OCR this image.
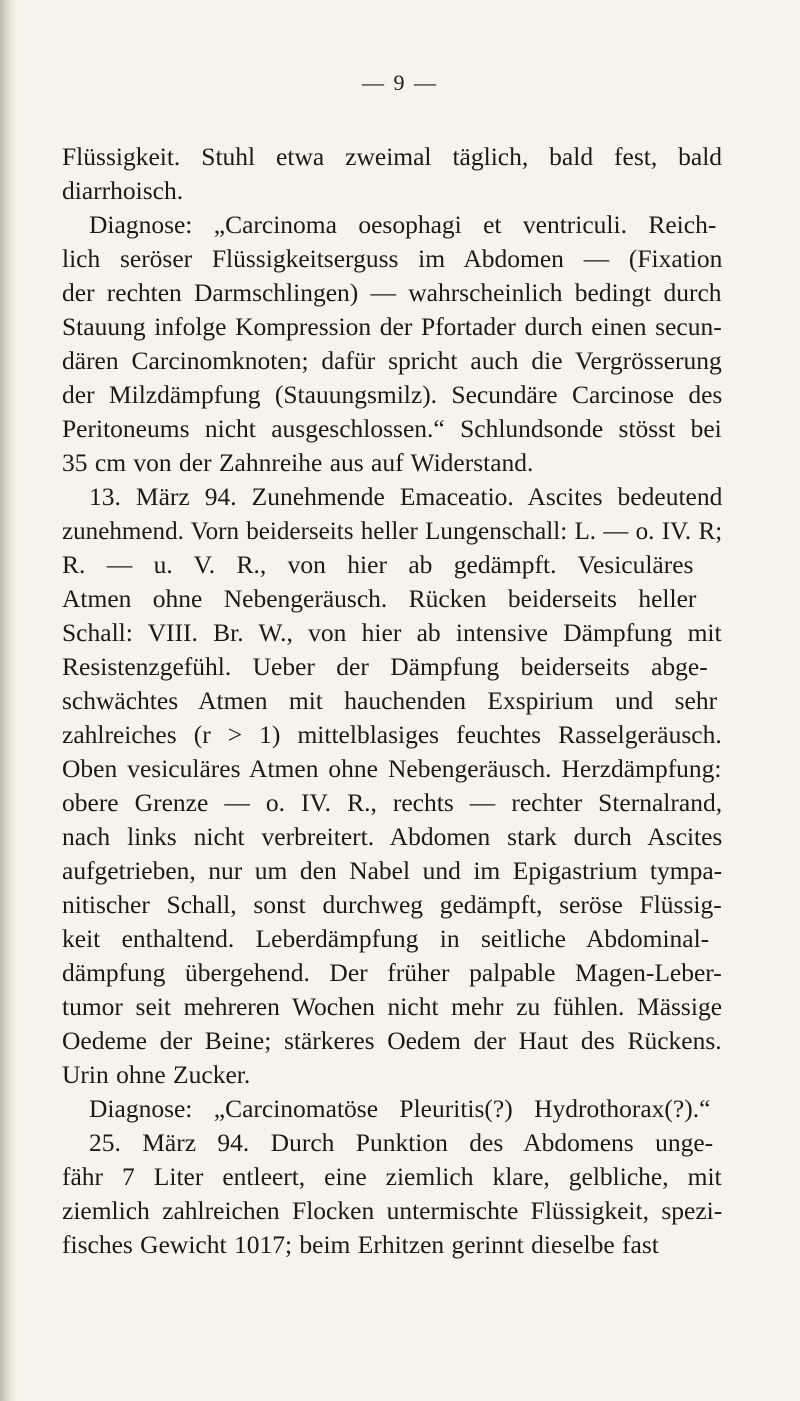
— 9 —
Flüssigkeit. Stuhl etwa zweimal täglich, bald fest, bald
diarrhoisch.
Diagnose: „Carcinoma oesophagi et ventriculi. Reich-
lich seröser Flüssigkeitserguss im Abdomen — (Fixation
der rechten Darmschlingen) — wahrscheinlich bedingt durch
Stauung infolge Kompression der Pfortader durch einen secun-
dären Carcinomknoten; dafür spricht auch die Vergrösserung
der Milzdämpfung (Stauungsmilz). Secundäre Carcinose des
Peritoneums nicht ausgeschlossen.“ Schlundsonde stösst bei
35 cm von der Zahnreihe aus auf Widerstand.
13. März 94. Zunehmende Emaceatio. Ascites bedeutend
zunehmend. Vorn beiderseits heller Lungenschall: L. — o. IV. R;
R. — u. V. R., von hier ab gedämpft. Vesiculäres
Atmen ohne Nebengeräusch. Rücken beiderseits heller
Schall: VIII. Br. W., von hier ab intensive Dämpfung mit
Resistenzgefühl. Ueber der Dämpfung beiderseits abge-
schwächtes Atmen mit hauchenden Exspirium und sehr
zahlreiches (r > 1) mittelblasiges feuchtes Rasselgeräusch.
Oben vesiculäres Atmen ohne Nebengeräusch. Herzdämpfung:
obere Grenze — o. IV. R., rechts — rechter Sternalrand,
nach links nicht verbreitert. Abdomen stark durch Ascites
aufgetrieben, nur um den Nabel und im Epigastrium tympa-
nitischer Schall, sonst durchweg gedämpft, seröse Flüssig-
keit enthaltend. Leberdämpfung in seitliche Abdominal-
dämpfung übergehend. Der früher palpable Magen-Leber-
tumor seit mehreren Wochen nicht mehr zu fühlen. Mässige
Oedeme der Beine; stärkeres Oedem der Haut des Rückens.
Urin ohne Zucker.
Diagnose: „Carcinomatöse Pleuritis(?) Hydrothorax(?).“
25. März 94. Durch Punktion des Abdomens unge-
fähr 7 Liter entleert, eine ziemlich klare, gelbliche, mit
ziemlich zahlreichen Flocken untermischte Flüssigkeit, spezi-
fisches Gewicht 1017; beim Erhitzen gerinnt dieselbe fast
